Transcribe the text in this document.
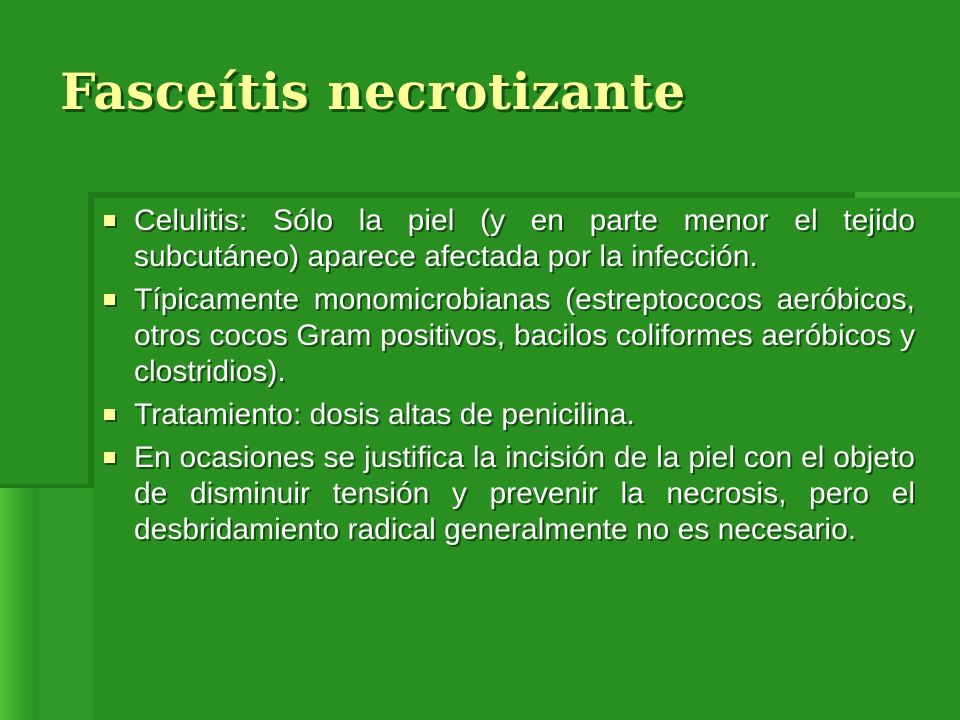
Fasceítis necrotizante
Celulitis: Sólo la piel (y en parte menor el tejido subcutáneo) aparece afectada por la infección.
Típicamente monomicrobianas (estreptococos aeróbicos, otros cocos Gram positivos, bacilos coliformes aeróbicos y clostridios).
Tratamiento: dosis altas de penicilina.
En ocasiones se justifica la incisión de la piel con el objeto de disminuir tensión y prevenir la necrosis, pero el desbridamiento radical generalmente no es necesario.
